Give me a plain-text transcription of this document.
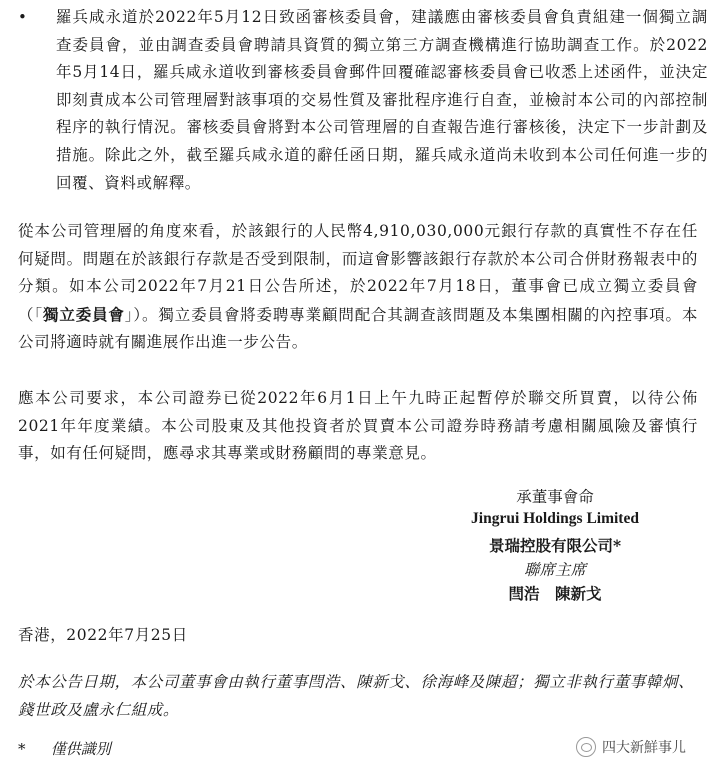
• 羅兵咸永道於2022年5月12日致函審核委員會，建議應由審核委員會負責組建一個獨立調查委員會，並由調查委員會聘請具資質的獨立第三方調查機構進行協助調查工作。於2022年5月14日，羅兵咸永道收到審核委員會郵件回覆確認審核委員會已收悉上述函件，並決定即刻責成本公司管理層對該事項的交易性質及審批程序進行自查，並檢討本公司的內部控制程序的執行情況。審核委員會將對本公司管理層的自查報告進行審核後，決定下一步計劃及措施。除此之外，截至羅兵咸永道的辭任函日期，羅兵咸永道尚未收到本公司任何進一步的回覆、資料或解釋。
從本公司管理層的角度來看，於該銀行的人民幣4,910,030,000元銀行存款的真實性不存在任何疑問。問題在於該銀行存款是否受到限制，而這會影響該銀行存款於本公司合併財務報表中的分類。如本公司2022年7月21日公告所述，於2022年7月18日，董事會已成立獨立委員會（「獨立委員會」）。獨立委員會將委聘專業顧問配合其調查該問題及本集團相關的內控事項。本公司將適時就有關進展作出進一步公告。
應本公司要求，本公司證券已從2022年6月1日上午九時正起暫停於聯交所買賣，以待公佈2021年年度業績。本公司股東及其他投資者於買賣本公司證券時務請考慮相關風險及審慎行事，如有任何疑問，應尋求其專業或財務顧問的專業意見。
承董事會命
Jingrui Holdings Limited
景瑞控股有限公司*
聯席主席
閆浩　陳新戈
香港，2022年7月25日
於本公告日期，本公司董事會由執行董事閆浩、陳新戈、徐海峰及陳超；獨立非執行董事韓炯、錢世政及盧永仁組成。
* 僅供識別	四大新鮮事儿
